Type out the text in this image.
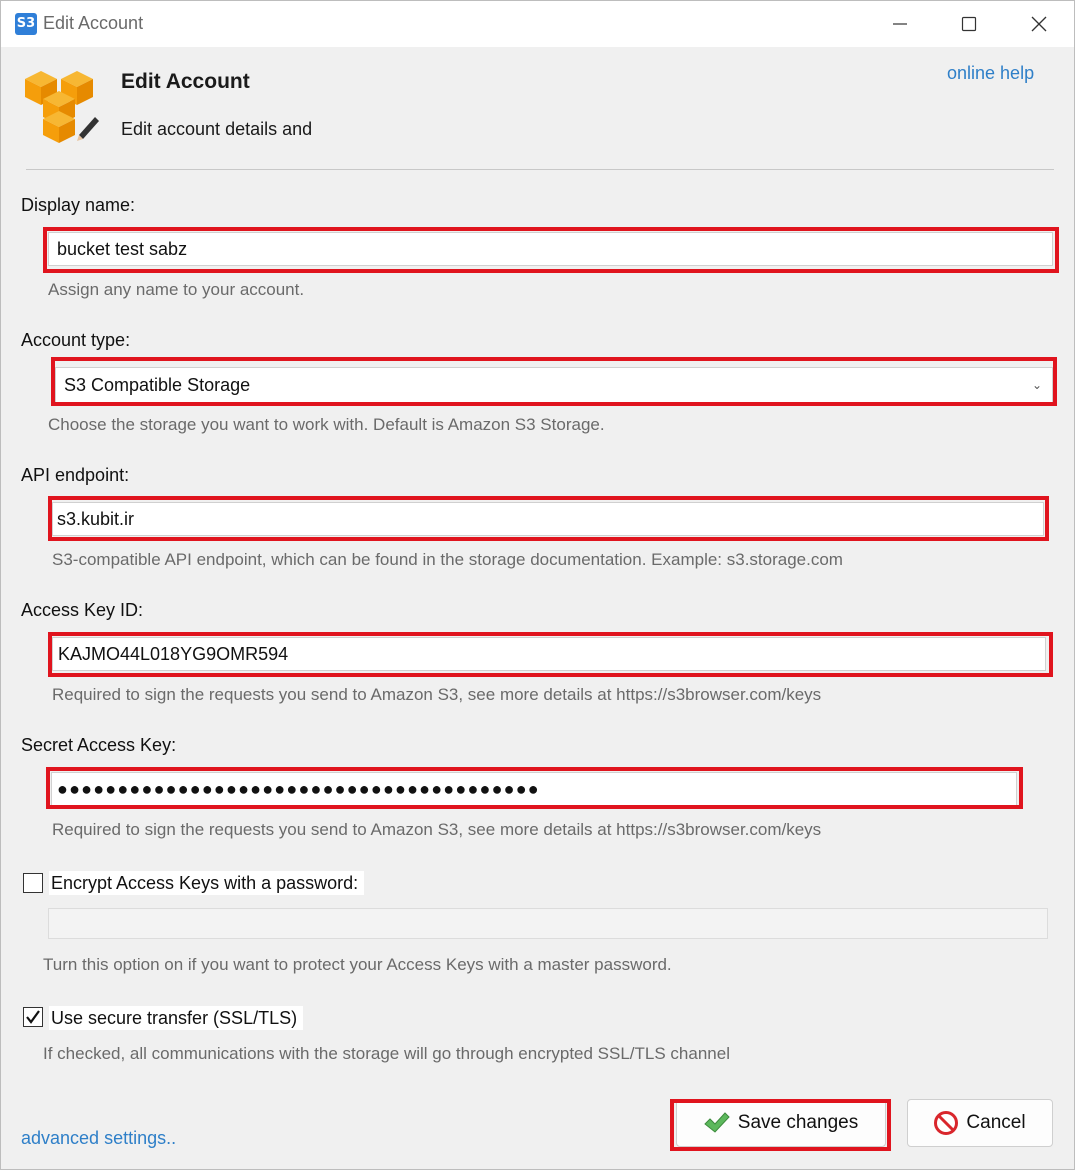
S3 Edit Account
Edit Account
Edit account details and
online help
Display name:
bucket test sabz
Assign any name to your account.
Account type:
S3 Compatible Storage	⌄
Choose the storage you want to work with. Default is Amazon S3 Storage.
API endpoint:
s3.kubit.ir
S3-compatible API endpoint, which can be found in the storage documentation. Example: s3.storage.com
Access Key ID:
KAJMO44L018YG9OMR594
Required to sign the requests you send to Amazon S3, see more details at https://s3browser.com/keys
Secret Access Key:
●●●●●●●●●●●●●●●●●●●●●●●●●●●●●●●●●●●●●●●●
Required to sign the requests you send to Amazon S3, see more details at https://s3browser.com/keys
Encrypt Access Keys with a password:
Turn this option on if you want to protect your Access Keys with a master password.
Use secure transfer (SSL/TLS)
If checked, all communications with the storage will go through encrypted SSL/TLS channel
advanced settings..
Save changes	Cancel
